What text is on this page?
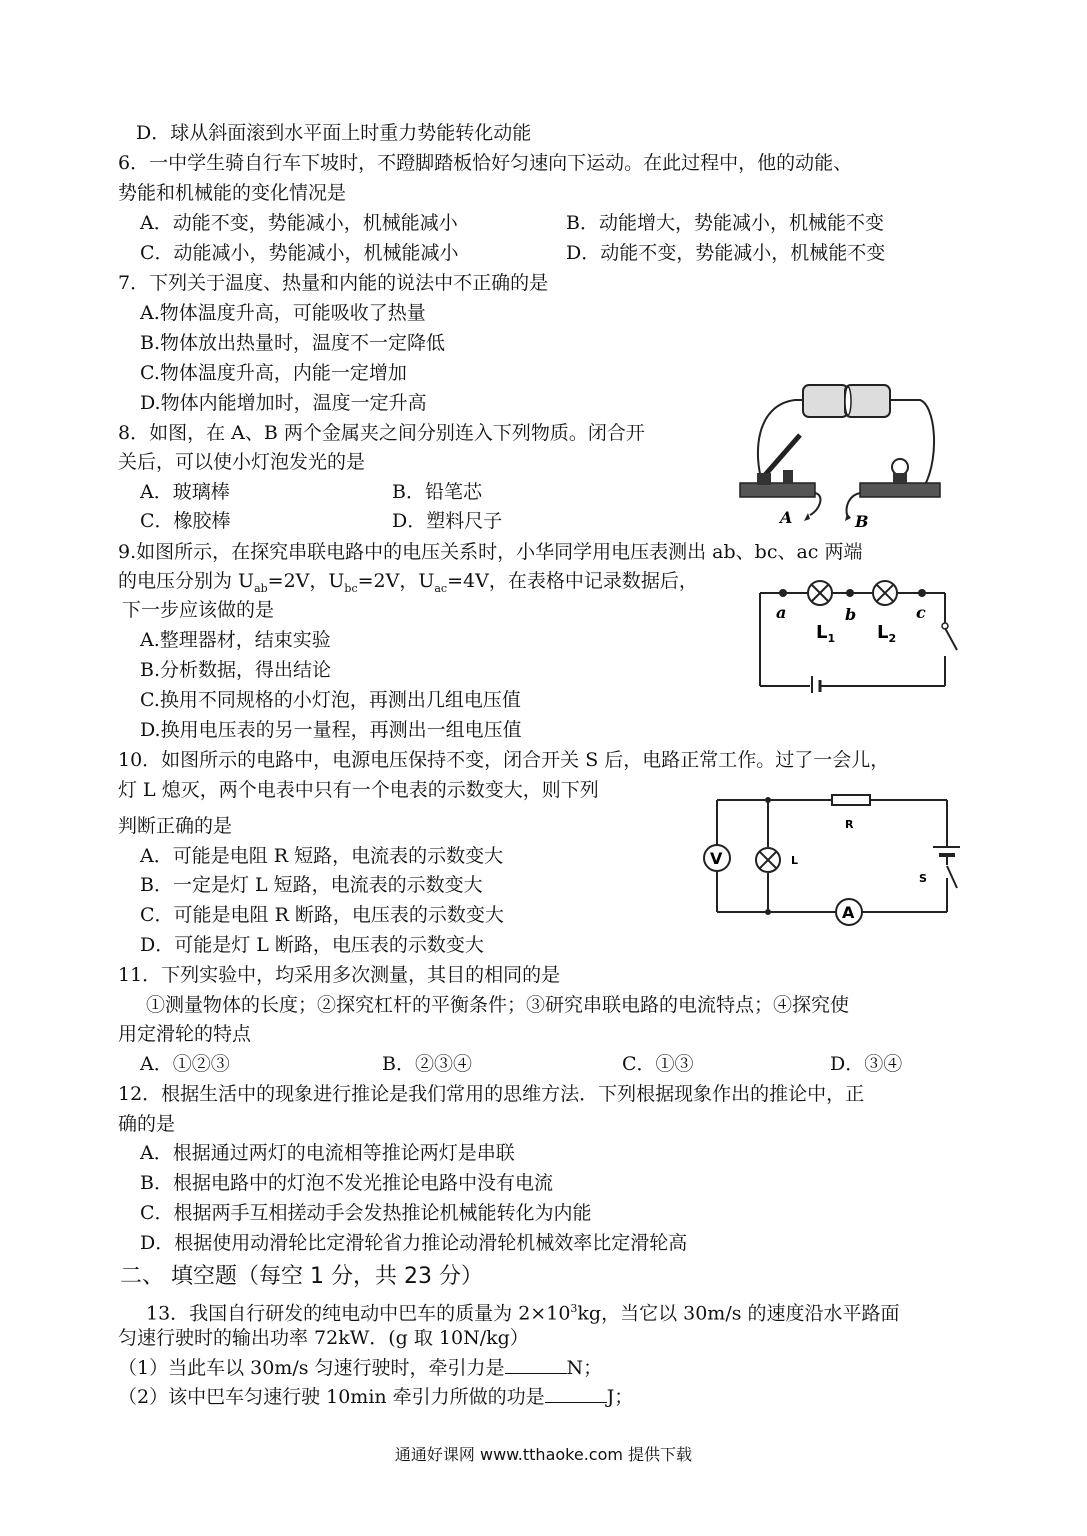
D．球从斜面滚到水平面上时重力势能转化动能
6．一中学生骑自行车下坡时，不蹬脚踏板恰好匀速向下运动。在此过程中，他的动能、
势能和机械能的变化情况是
A．动能不变，势能减小，机械能减小	B．动能增大，势能减小，机械能不变
C．动能减小，势能减小，机械能减小	D．动能不变，势能减小，机械能不变
7．下列关于温度、热量和内能的说法中不正确的是
A.物体温度升高，可能吸收了热量
B.物体放出热量时，温度不一定降低
C.物体温度升高，内能一定增加
D.物体内能增加时，温度一定升高
8．如图，在 A、B 两个金属夹之间分别连入下列物质。闭合开
关后，可以使小灯泡发光的是
A．玻璃棒	B．铅笔芯
C．橡胶棒	D．塑料尺子	A	B
9.如图所示，在探究串联电路中的电压关系时，小华同学用电压表测出 ab、bc、ac 两端
的电压分别为 $U_{ab}=2V$，$U_{bc}=2V$，$U_{ac}=4V$，在表格中记录数据后，
下一步应该做的是
A.整理器材，结束实验
B.分析数据，得出结论
C.换用不同规格的小灯泡，再测出几组电压值
D.换用电压表的另一量程，再测出一组电压值
a	b	c
$L_1$ $L_2$
10．如图所示的电路中，电源电压保持不变，闭合开关 S 后，电路正常工作。过了一会儿，
灯 L 熄灭，两个电表中只有一个电表的示数变大，则下列
判断正确的是
A．可能是电阻 R 短路，电流表的示数变大
B．一定是灯 L 短路，电流表的示数变大
C．可能是电阻 R 断路，电压表的示数变大
D．可能是灯 L 断路，电压表的示数变大
V	L
R
S
A
11．下列实验中，均采用多次测量，其目的相同的是
①测量物体的长度；②探究杠杆的平衡条件；③研究串联电路的电流特点；④探究使
用定滑轮的特点
A．①②③	B．②③④	C．①③	D．③④
12．根据生活中的现象进行推论是我们常用的思维方法．下列根据现象作出的推论中，正
确的是
A．根据通过两灯的电流相等推论两灯是串联
B．根据电路中的灯泡不发光推论电路中没有电流
C．根据两手互相搓动手会发热推论机械能转化为内能
D．根据使用动滑轮比定滑轮省力推论动滑轮机械效率比定滑轮高
二、 填空题（每空 1 分，共 23 分）
13．我国自行研发的纯电动中巴车的质量为 $2\times 10^3kg$，当它以 30m/s 的速度沿水平路面
匀速行驶时的输出功率 72kW．(g 取 10N/kg）
（1）当此车以 30m/s 匀速行驶时，牵引力是	N；
（2）该中巴车匀速行驶 10min 牵引力所做的功是	J；
通通好课网 www.tthaoke.com 提供下载
